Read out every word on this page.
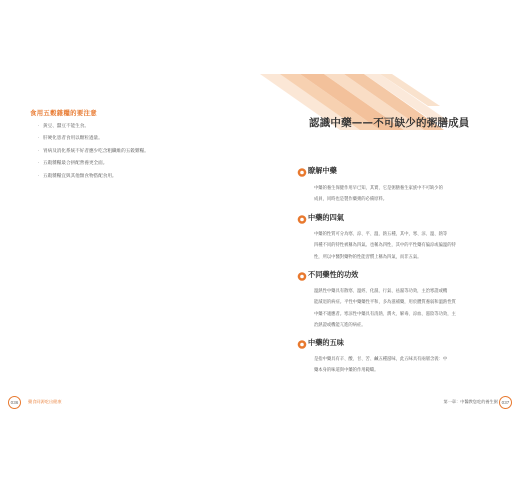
食用五穀雜糧的要注意
· 黃豆、蠶豆不能生食。
· 肝硬化患者食用以顆粒過量。
· 胃病及消化系統不好者應少吃含粗纖維的五穀雜糧。
· 五穀雜糧最合拼配營養更全面。
· 五穀雜糧宜與其他類食物搭配食用。
036	藥食同源吃出健康
認識中藥——不可缺少的粥膳成員
瞭解中藥

中藥的養生保健作用早已知，其實，它是粥膳養生家族中不可缺少的

成員，同時也是製作藥粥的必備原料。

中藥的四氣

中藥的性質可分為寒、涼、平、溫、熱五種，其中，寒、涼、溫、熱等

四種不同的特性被稱為四氣。也稱為四性，其中的平性藥有偏涼或偏溫的特

性，所以中醫對藥物的性能習慣上稱為四氣，而非五氣。

不同藥性的功效

溫熱性中藥具有散寒、溫經、化濕、行氣、祛濕等功效，主治寒證或機

能減退的病症。平性中藥藥性平和，多為滋補藥，用於體質養弱和溫熱性質

中藥不適應者。寒涼性中藥具有清熱、潤火、解毒、涼血、滋陰等功效，主

治熱證或機能亢進的病症。

中藥的五味

是指中藥具有辛、酸、甘、苦、鹹五種滋味，此五味具有兩層含義：中

藥本身的味道與中藥的作用範疇。

第一章：中醫教您吃的養生粥 037
